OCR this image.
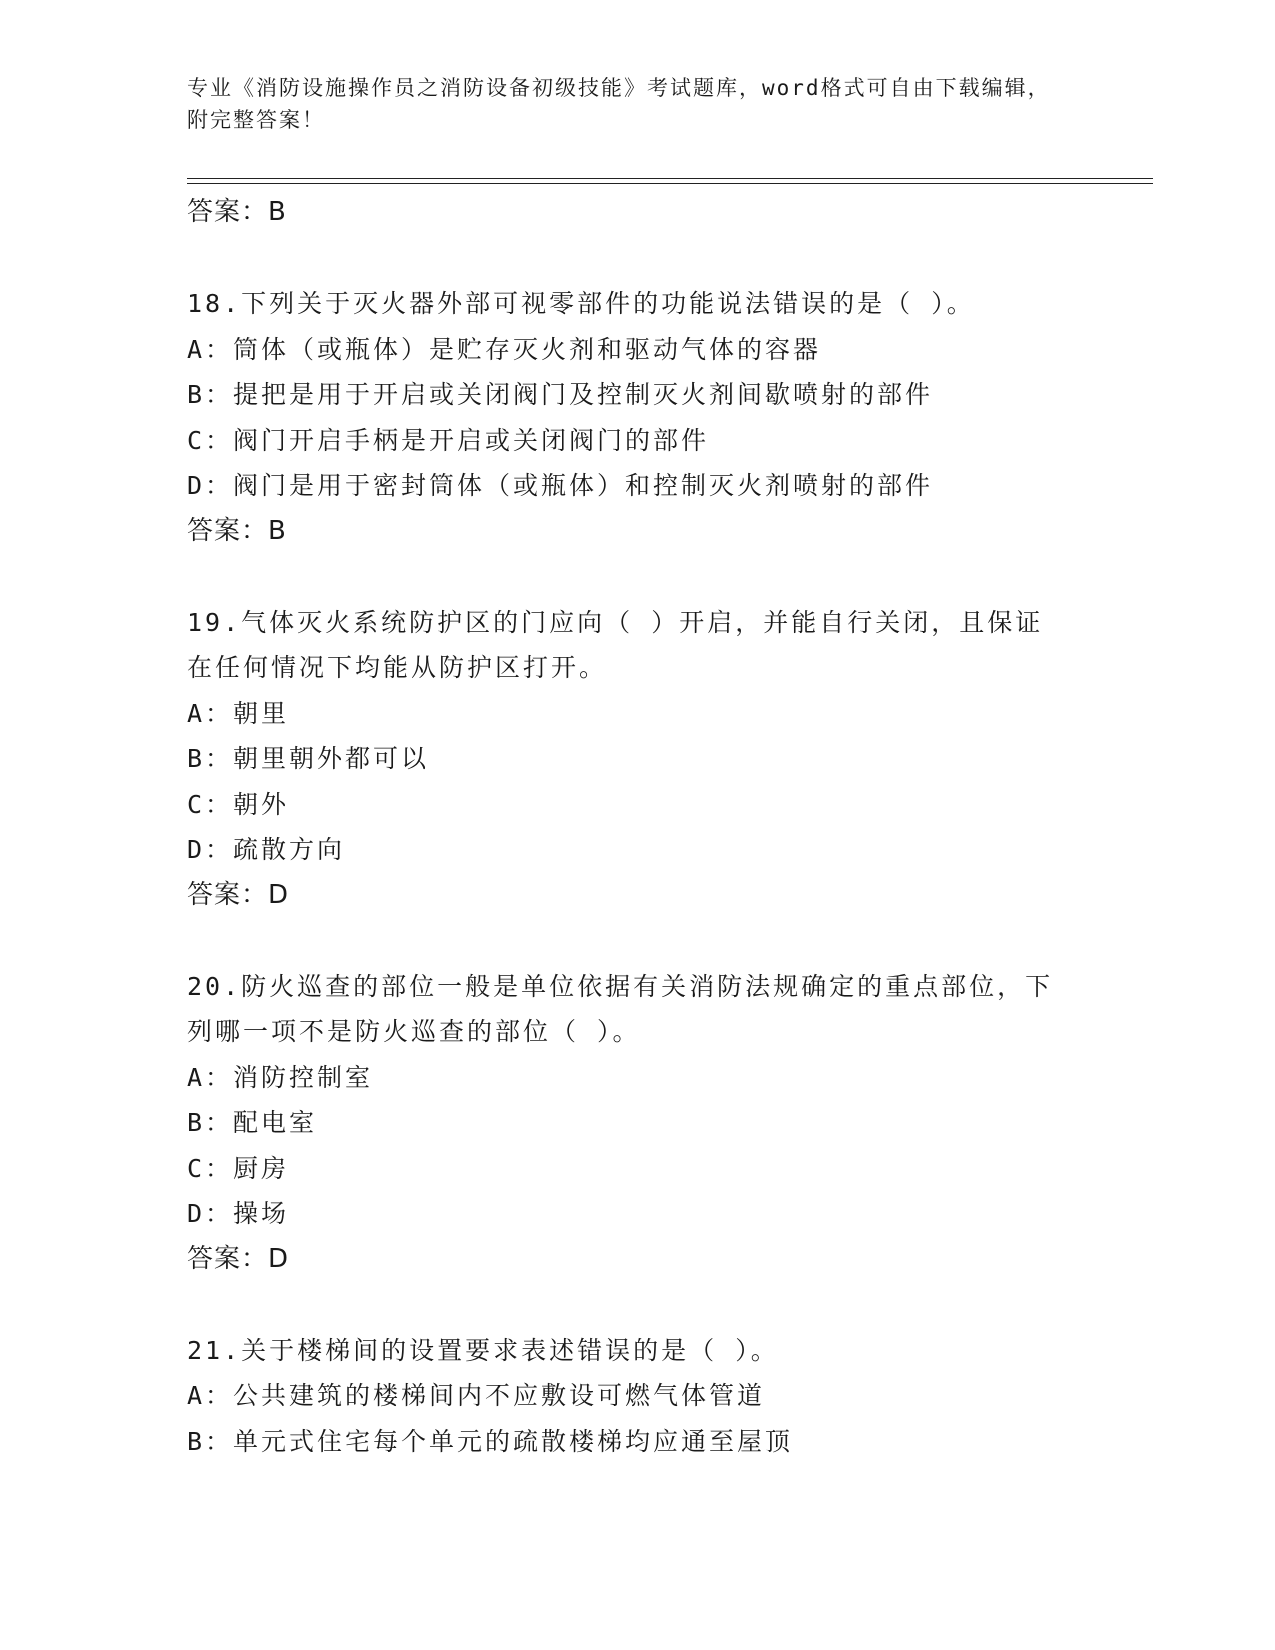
专业《消防设施操作员之消防设备初级技能》考试题库，word格式可自由下载编辑，附完整答案！
答案：B
18.下列关于灭火器外部可视零部件的功能说法错误的是（ ）。
A：筒体（或瓶体）是贮存灭火剂和驱动气体的容器
B：提把是用于开启或关闭阀门及控制灭火剂间歇喷射的部件
C：阀门开启手柄是开启或关闭阀门的部件
D：阀门是用于密封筒体（或瓶体）和控制灭火剂喷射的部件
答案：B
19.气体灭火系统防护区的门应向（ ）开启，并能自行关闭，且保证
在任何情况下均能从防护区打开。
A：朝里
B：朝里朝外都可以
C：朝外
D：疏散方向
答案：D
20.防火巡查的部位一般是单位依据有关消防法规确定的重点部位，下
列哪一项不是防火巡查的部位（ ）。
A：消防控制室
B：配电室
C：厨房
D：操场
答案：D
21.关于楼梯间的设置要求表述错误的是（ ）。
A：公共建筑的楼梯间内不应敷设可燃气体管道
B：单元式住宅每个单元的疏散楼梯均应通至屋顶
